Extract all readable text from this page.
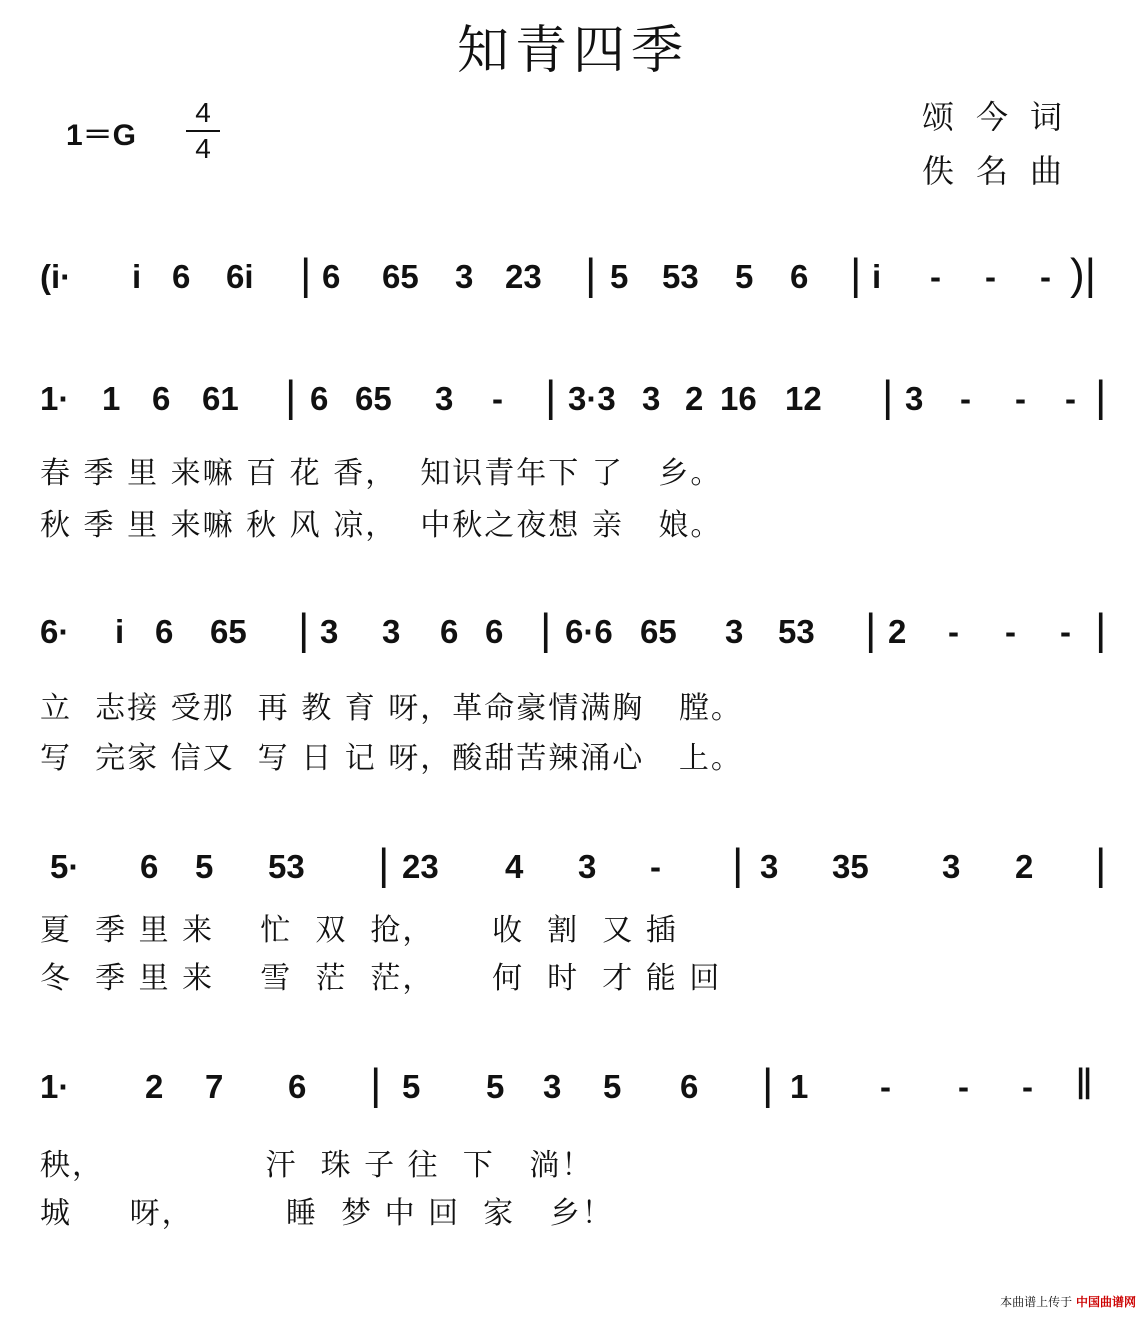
知青四季
1＝G
4
4
颂今词
佚名曲
(i· i 6 6i | 6 65 3 23 | 5 53 5 6 | i - - - )|
1· 1 6 61 | 6 65 3 - | 3·3 3 2 16 12 | 3 - - - |
6· i 6 65 | 3 3 6 6 | 6·6 65 3 53 | 2 - - - |
5· 6 5 53 | 23 4 3 - | 3 35 3 2 |
1· 2 7 6 | 5 5 3 5 6 | 1 - - - ‖
春 季 里 来嘛 百 花 香，  知识青年下 了   乡。
秋 季 里 来嘛 秋 风 凉，  中秋之夜想 亲   娘。
立  志接 受那  再 教 育 呀，革命豪情满胸   膛。
写  完家 信又  写 日 记 呀，酸甜苦辣涌心   上。
夏  季 里 来    忙  双  抢，     收  割  又 插
冬  季 里 来    雪  茫  茫，     何  时  才 能 回
秧，              汗  珠 子 往  下   淌！
城     呀，        睡  梦 中 回  家   乡！
本曲谱上传于 中国曲谱网
